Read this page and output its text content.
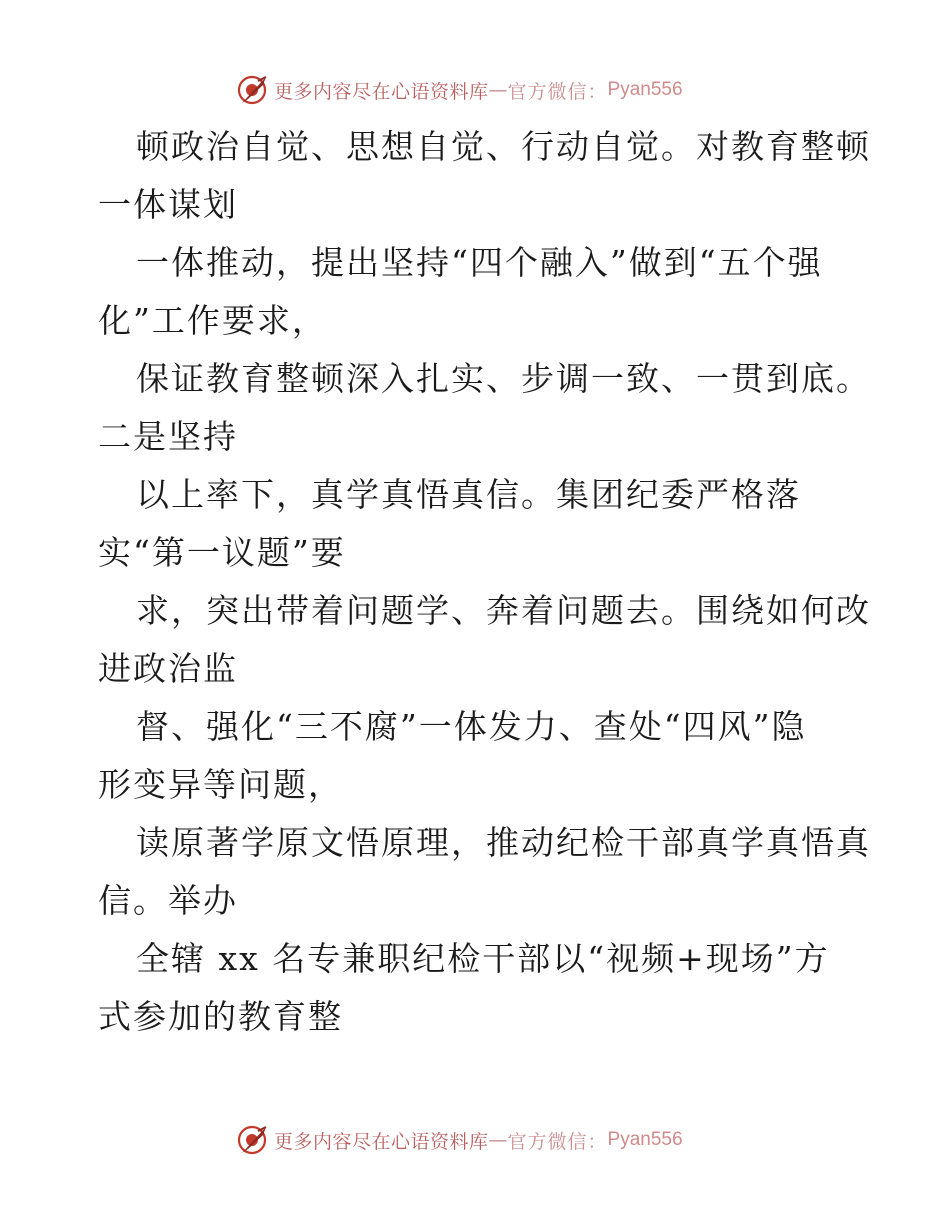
更多内容尽在心语资料库 — 官方微信： Pyan556
顿政治自觉、思想自觉、行动自觉。对教育整顿
一体谋划
一体推动，提出坚持“四个融入”做到“五个强
化”工作要求，
保证教育整顿深入扎实、步调一致、一贯到底。
二是坚持
以上率下，真学真悟真信。集团纪委严格落
实“第一议题”要
求，突出带着问题学、奔着问题去。围绕如何改
进政治监
督、强化“三不腐”一体发力、查处“四风”隐
形变异等问题，
读原著学原文悟原理，推动纪检干部真学真悟真
信。举办
全辖 xx 名专兼职纪检干部以“视频+现场”方
式参加的教育整
更多内容尽在心语资料库 — 官方微信： Pyan556
